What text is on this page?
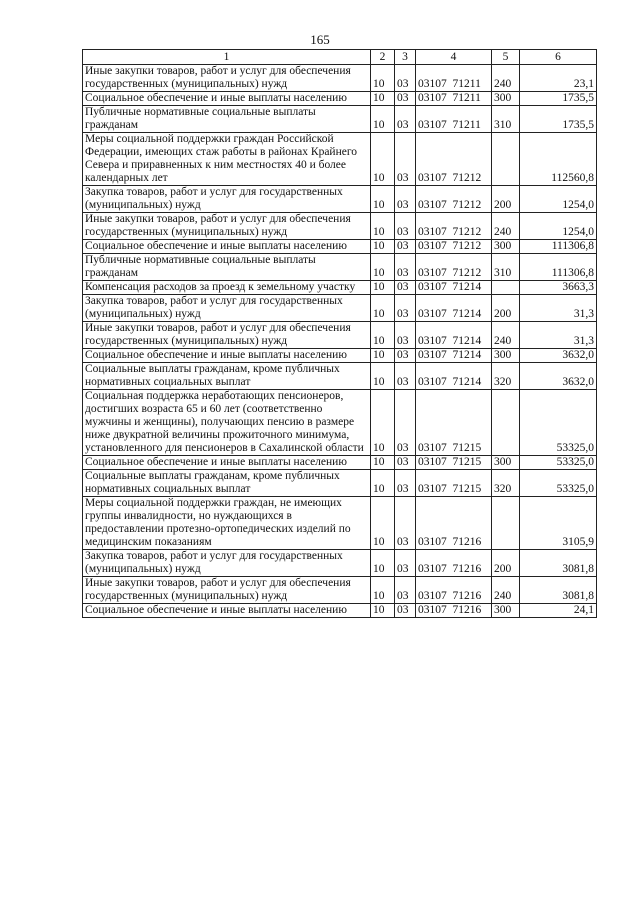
165
1	2	3	4	5	6
Иные закупки товаров, работ и услуг для обеспечения государственных (муниципальных) нужд	10	03	03107  71211	240	23,1
Социальное обеспечение и иные выплаты населению	10	03	03107  71211	300	1735,5
Публичные нормативные социальные выплаты гражданам	10	03	03107  71211	310	1735,5
Меры социальной поддержки граждан Российской Федерации, имеющих стаж работы в районах Крайнего Севера и приравненных к ним местностях 40 и более календарных лет	10	03	03107  71212		112560,8
Закупка товаров, работ и услуг для государственных (муниципальных) нужд	10	03	03107  71212	200	1254,0
Иные закупки товаров, работ и услуг для обеспечения государственных (муниципальных) нужд	10	03	03107  71212	240	1254,0
Социальное обеспечение и иные выплаты населению	10	03	03107  71212	300	111306,8
Публичные нормативные социальные выплаты гражданам	10	03	03107  71212	310	111306,8
Компенсация расходов за проезд к земельному участку	10	03	03107  71214		3663,3
Закупка товаров, работ и услуг для государственных (муниципальных) нужд	10	03	03107  71214	200	31,3
Иные закупки товаров, работ и услуг для обеспечения государственных (муниципальных) нужд	10	03	03107  71214	240	31,3
Социальное обеспечение и иные выплаты населению	10	03	03107  71214	300	3632,0
Социальные выплаты гражданам, кроме публичных нормативных социальных выплат	10	03	03107  71214	320	3632,0
Социальная поддержка неработающих пенсионеров, достигших возраста 65 и 60 лет (соответственно мужчины и женщины), получающих пенсию в размере ниже двукратной величины прожиточного минимума, установленного для пенсионеров в Сахалинской области	10	03	03107  71215		53325,0
Социальное обеспечение и иные выплаты населению	10	03	03107  71215	300	53325,0
Социальные выплаты гражданам, кроме публичных нормативных социальных выплат	10	03	03107  71215	320	53325,0
Меры социальной поддержки граждан, не имеющих группы инвалидности, но нуждающихся в предоставлении протезно-ортопедических изделий по медицинским показаниям	10	03	03107  71216		3105,9
Закупка товаров, работ и услуг для государственных (муниципальных) нужд	10	03	03107  71216	200	3081,8
Иные закупки товаров, работ и услуг для обеспечения государственных (муниципальных) нужд	10	03	03107  71216	240	3081,8
Социальное обеспечение и иные выплаты населению	10	03	03107  71216	300	24,1
